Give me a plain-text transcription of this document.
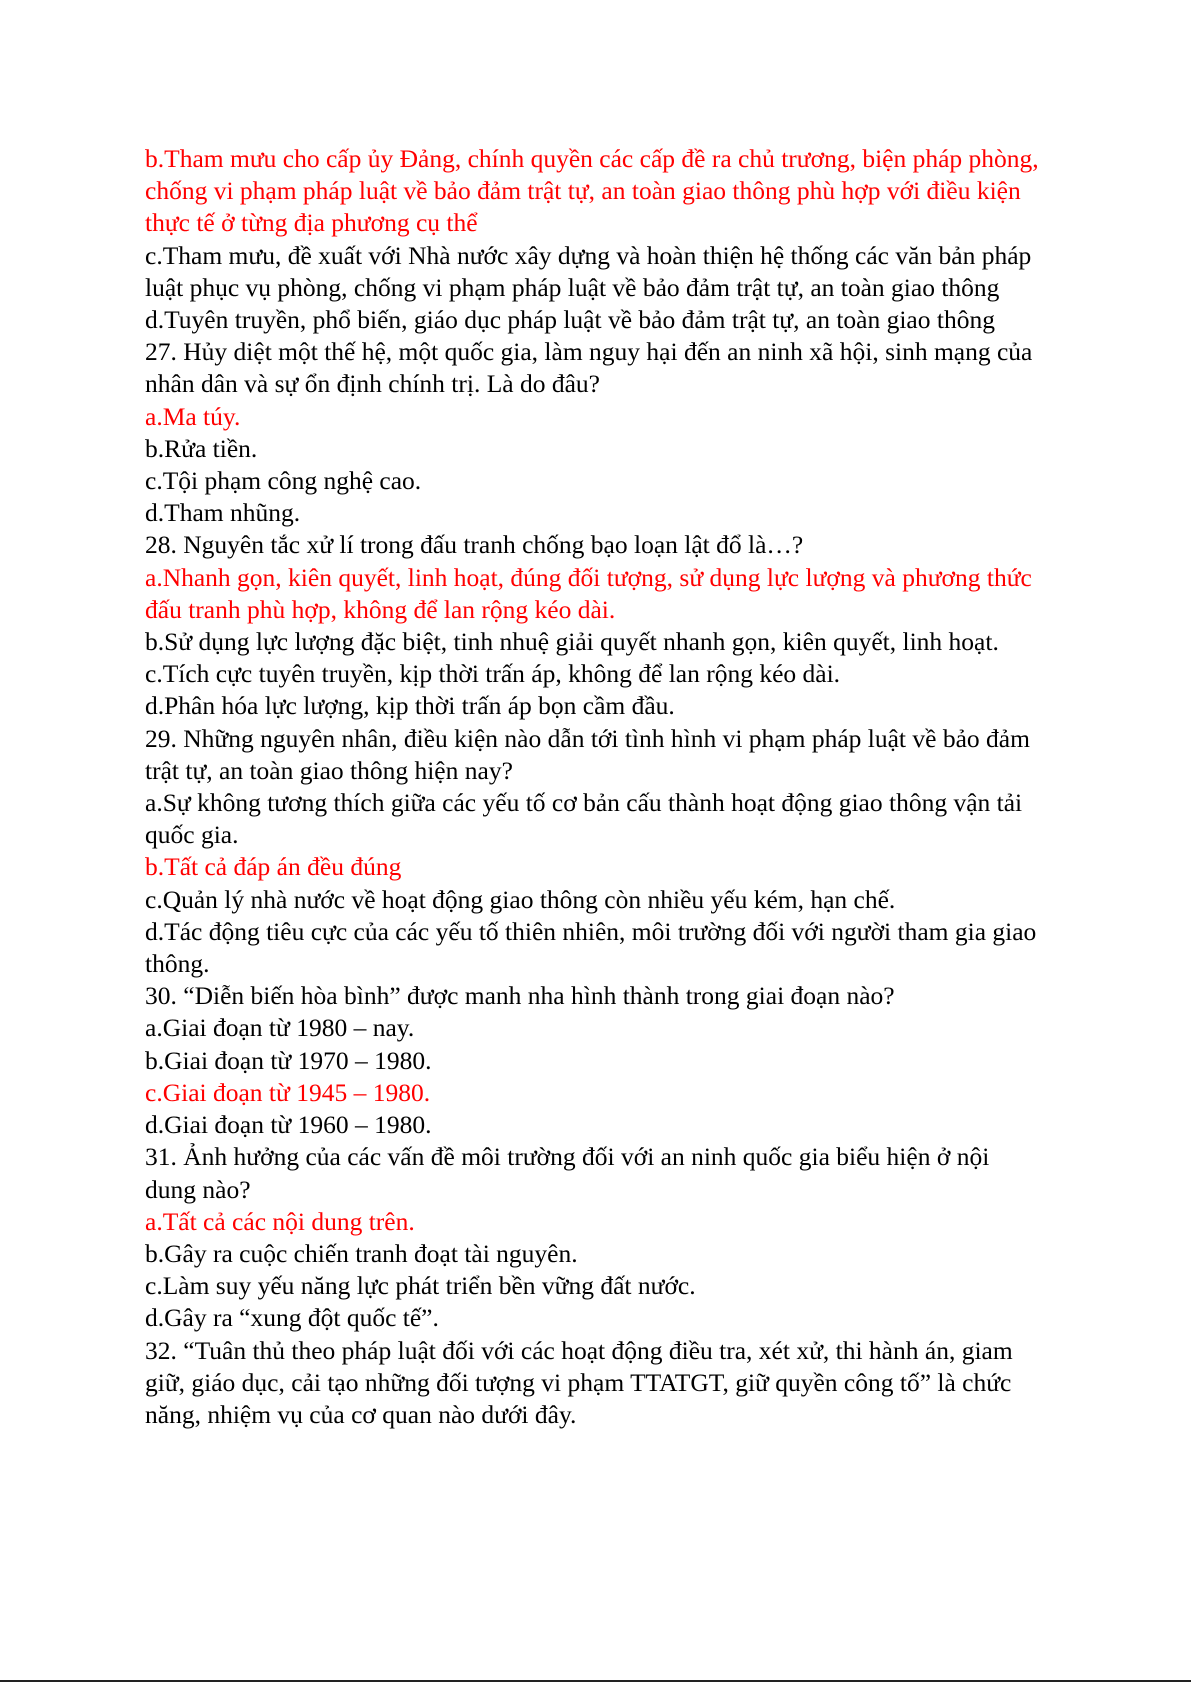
b.Tham mưu cho cấp ủy Đảng, chính quyền các cấp đề ra chủ trương, biện pháp phòng, chống vi phạm pháp luật về bảo đảm trật tự, an toàn giao thông phù hợp với điều kiện thực tế ở từng địa phương cụ thể

c.Tham mưu, đề xuất với Nhà nước xây dựng và hoàn thiện hệ thống các văn bản pháp luật phục vụ phòng, chống vi phạm pháp luật về bảo đảm trật tự, an toàn giao thông

d.Tuyên truyền, phổ biến, giáo dục pháp luật về bảo đảm trật tự, an toàn giao thông

27. Hủy diệt một thế hệ, một quốc gia, làm nguy hại đến an ninh xã hội, sinh mạng của nhân dân và sự ổn định chính trị. Là do đâu?

a.Ma túy.

b.Rửa tiền.

c.Tội phạm công nghệ cao.

d.Tham nhũng.

28. Nguyên tắc xử lí trong đấu tranh chống bạo loạn lật đổ là…?

a.Nhanh gọn, kiên quyết, linh hoạt, đúng đối tượng, sử dụng lực lượng và phương thức đấu tranh phù hợp, không để lan rộng kéo dài.

b.Sử dụng lực lượng đặc biệt, tinh nhuệ giải quyết nhanh gọn, kiên quyết, linh hoạt.

c.Tích cực tuyên truyền, kịp thời trấn áp, không để lan rộng kéo dài.

d.Phân hóa lực lượng, kịp thời trấn áp bọn cầm đầu.

29. Những nguyên nhân, điều kiện nào dẫn tới tình hình vi phạm pháp luật về bảo đảm trật tự, an toàn giao thông hiện nay?

a.Sự không tương thích giữa các yếu tố cơ bản cấu thành hoạt động giao thông vận tải quốc gia.

b.Tất cả đáp án đều đúng

c.Quản lý nhà nước về hoạt động giao thông còn nhiều yếu kém, hạn chế.

d.Tác động tiêu cực của các yếu tố thiên nhiên, môi trường đối với người tham gia giao thông.

30. “Diễn biến hòa bình” được manh nha hình thành trong giai đoạn nào?

a.Giai đoạn từ 1980 – nay.

b.Giai đoạn từ 1970 – 1980.

c.Giai đoạn từ 1945 – 1980.

d.Giai đoạn từ 1960 – 1980.

31. Ảnh hưởng của các vấn đề môi trường đối với an ninh quốc gia biểu hiện ở nội dung nào?

a.Tất cả các nội dung trên.

b.Gây ra cuộc chiến tranh đoạt tài nguyên.

c.Làm suy yếu năng lực phát triển bền vững đất nước.

d.Gây ra “xung đột quốc tế”.

32. “Tuân thủ theo pháp luật đối với các hoạt động điều tra, xét xử, thi hành án, giam giữ, giáo dục, cải tạo những đối tượng vi phạm TTATGT, giữ quyền công tố” là chức năng, nhiệm vụ của cơ quan nào dưới đây.
